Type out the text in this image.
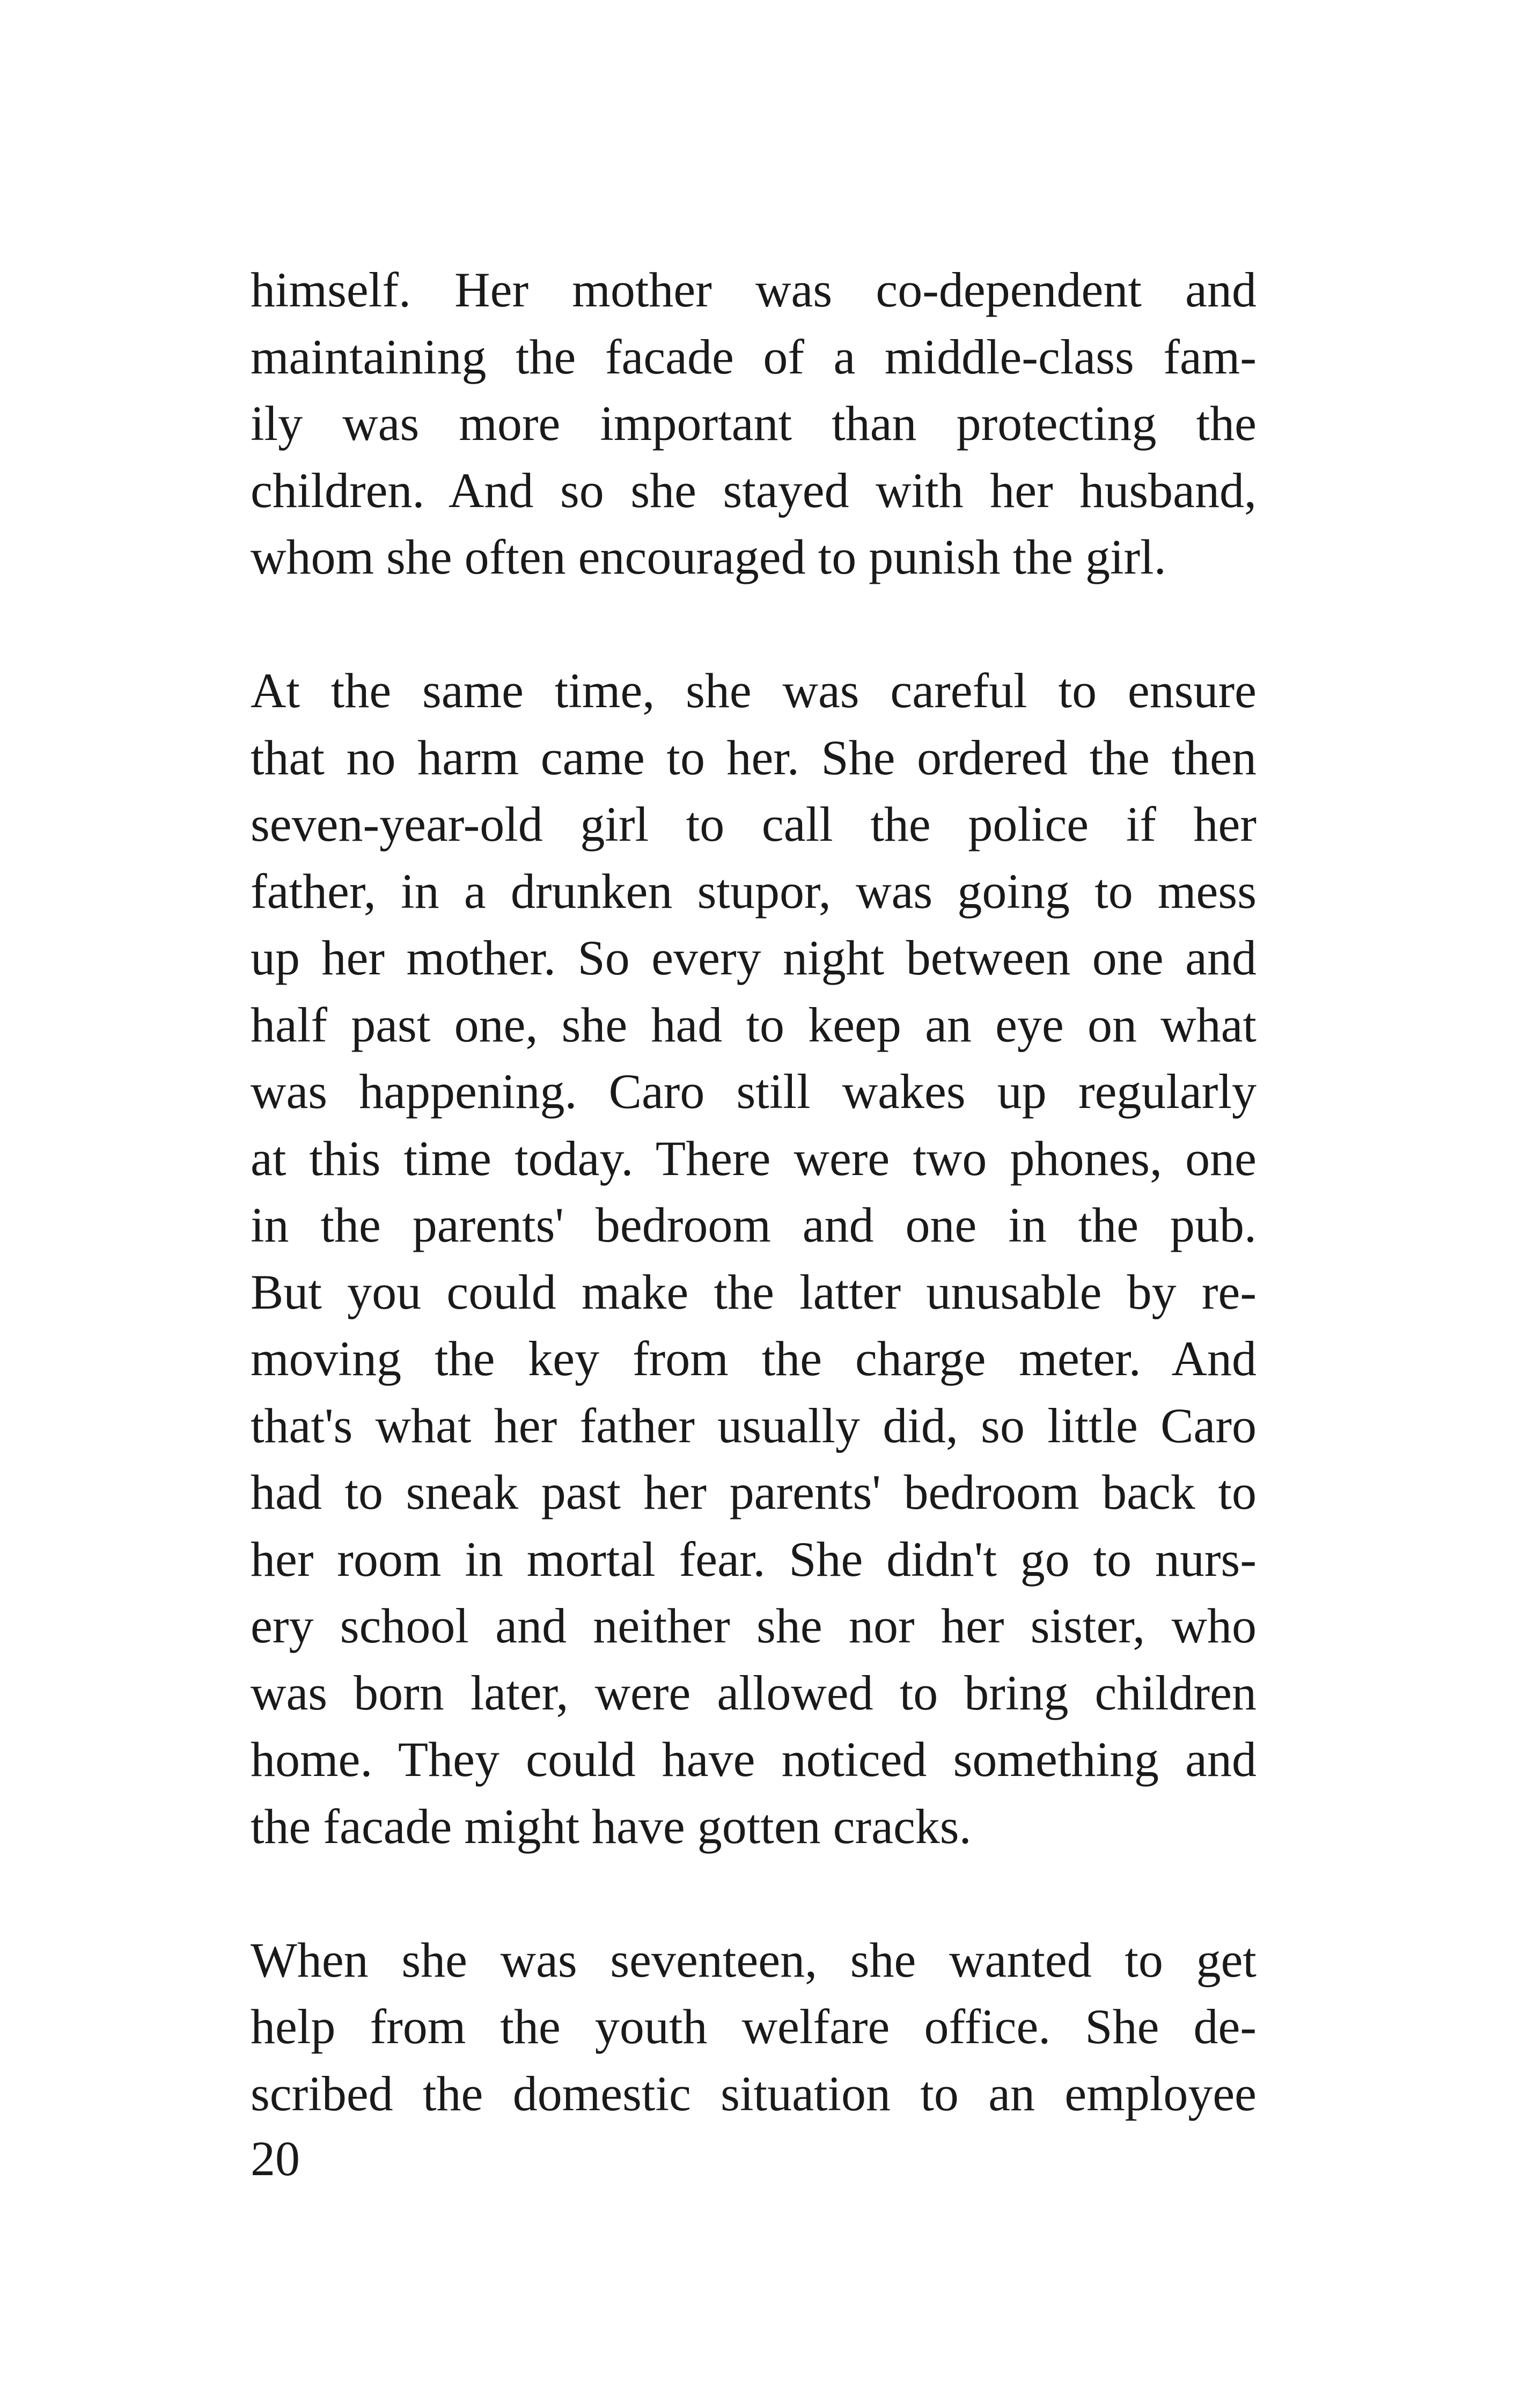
himself. Her mother was co-dependent and
maintaining the facade of a middle-class fam-
ily was more important than protecting the
children. And so she stayed with her husband,
whom she often encouraged to punish the girl.
At the same time, she was careful to ensure
that no harm came to her. She ordered the then
seven-year-old girl to call the police if her
father, in a drunken stupor, was going to mess
up her mother. So every night between one and
half past one, she had to keep an eye on what
was happening. Caro still wakes up regularly
at this time today. There were two phones, one
in the parents' bedroom and one in the pub.
But you could make the latter unusable by re-
moving the key from the charge meter. And
that's what her father usually did, so little Caro
had to sneak past her parents' bedroom back to
her room in mortal fear. She didn't go to nurs-
ery school and neither she nor her sister, who
was born later, were allowed to bring children
home. They could have noticed something and
the facade might have gotten cracks.
When she was seventeen, she wanted to get
help from the youth welfare office. She de-
scribed the domestic situation to an employee
20
